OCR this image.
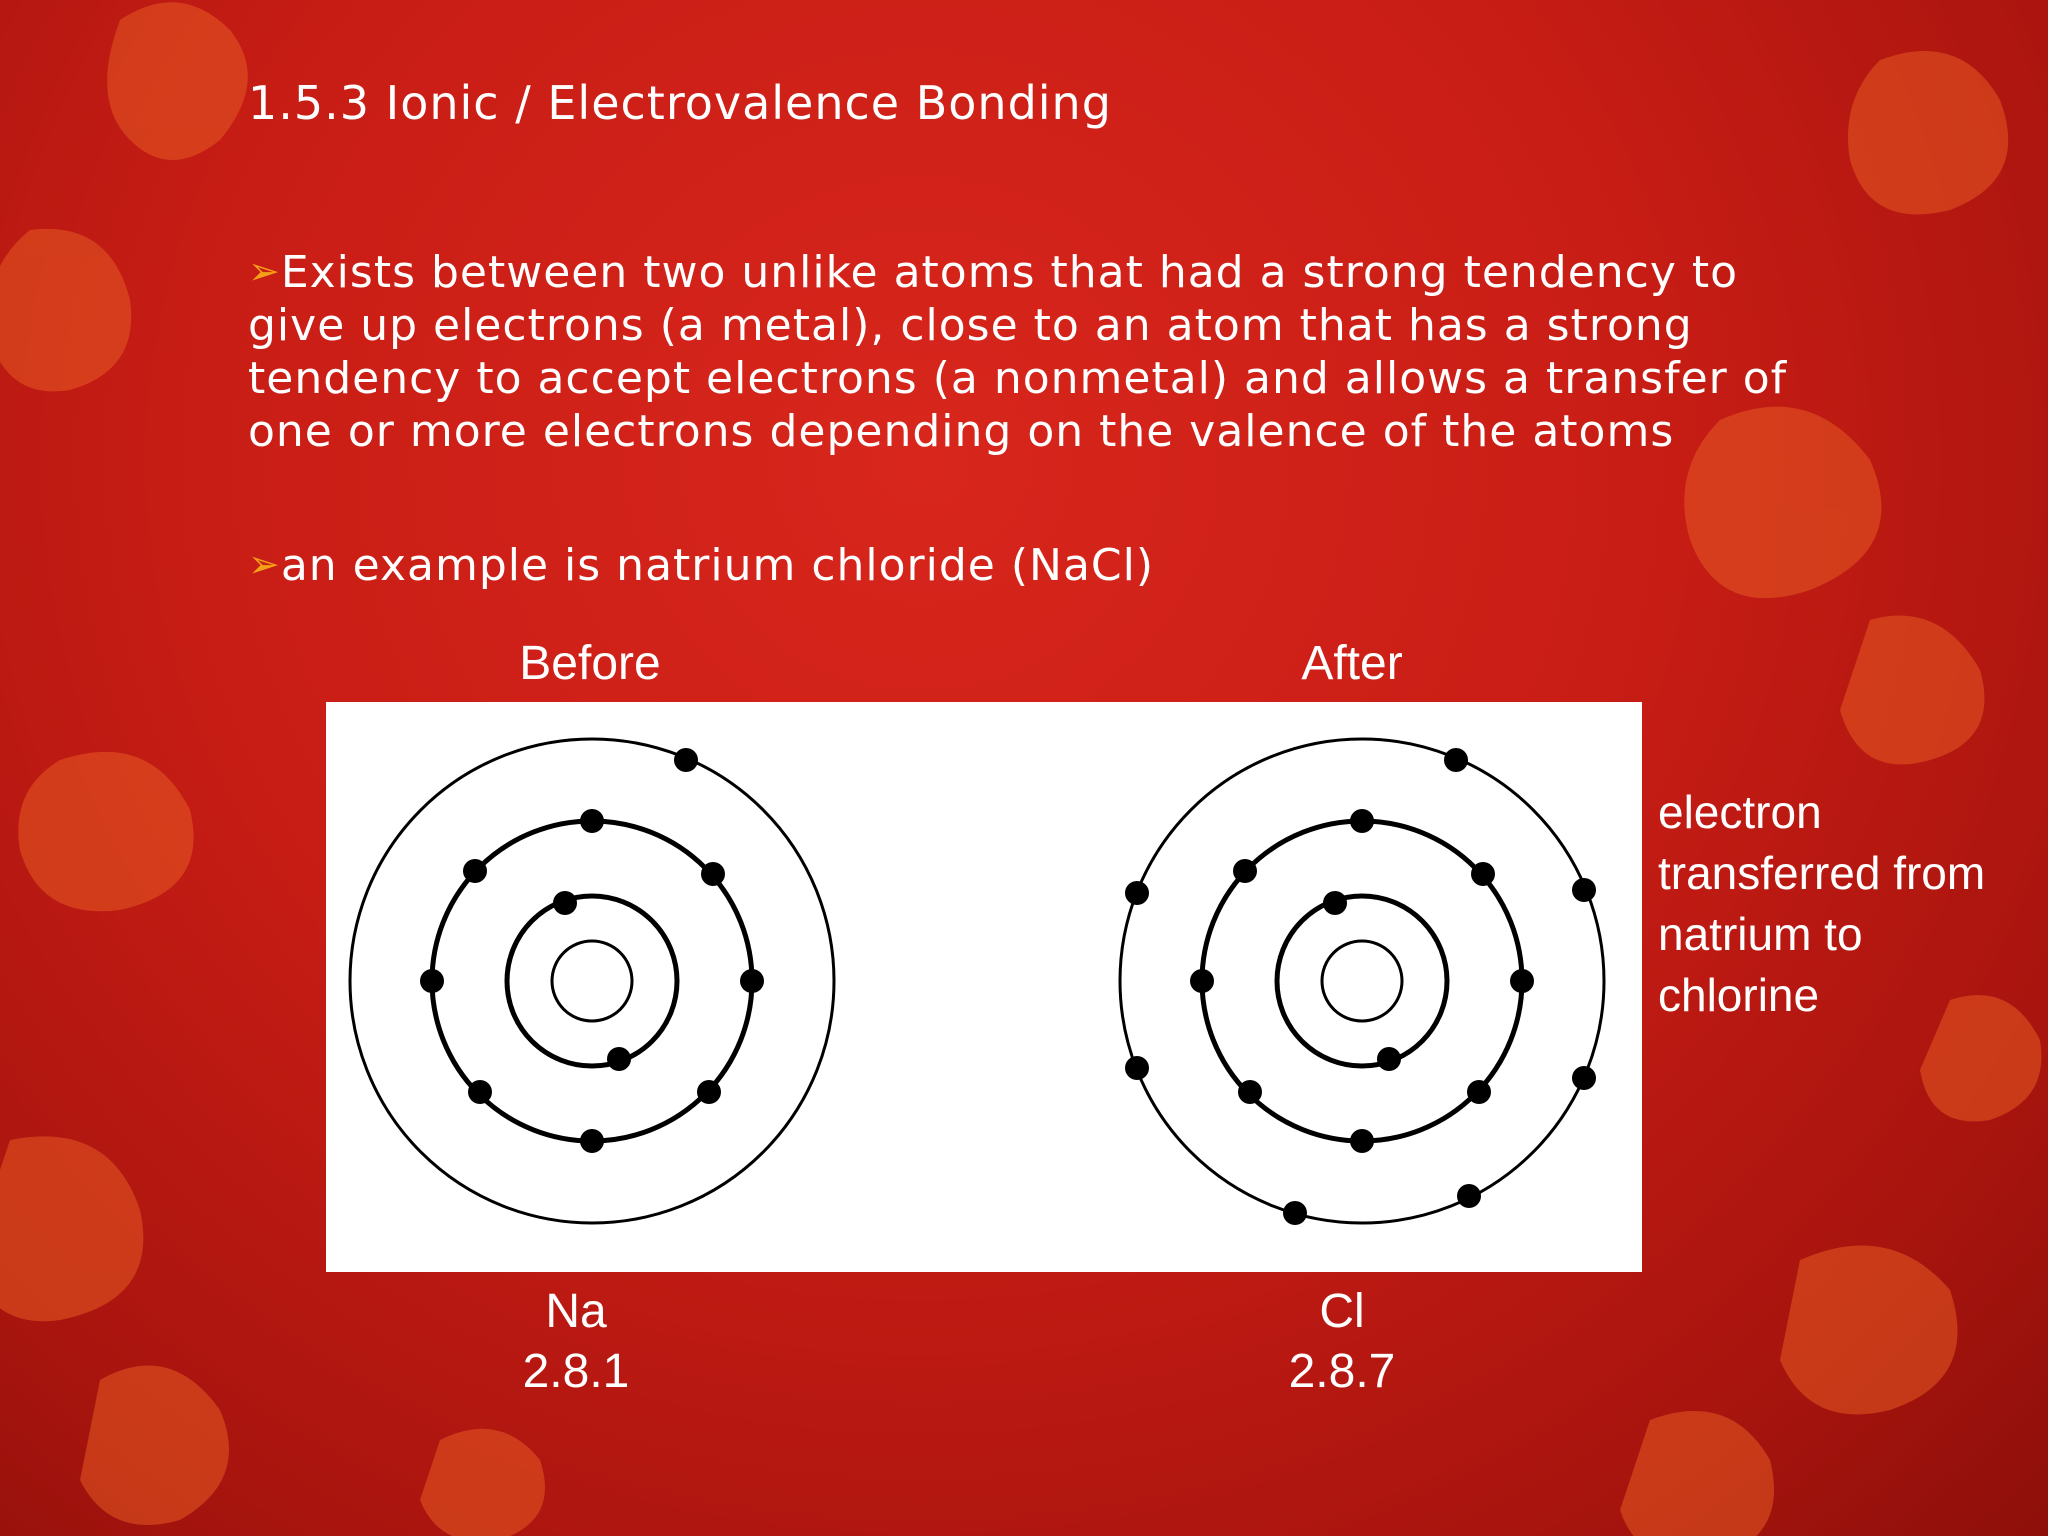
1.5.3 Ionic / Electrovalence Bonding
➢Exists between two unlike atoms that had a strong tendency to give up electrons (a metal), close to an atom that has a strong tendency to accept electrons (a nonmetal) and allows a transfer of one or more electrons depending on the valence of the atoms
➢an example is natrium chloride (NaCl)
Before	After
electron transferred from natrium to chlorine
Na
2.8.1
Cl
2.8.7
